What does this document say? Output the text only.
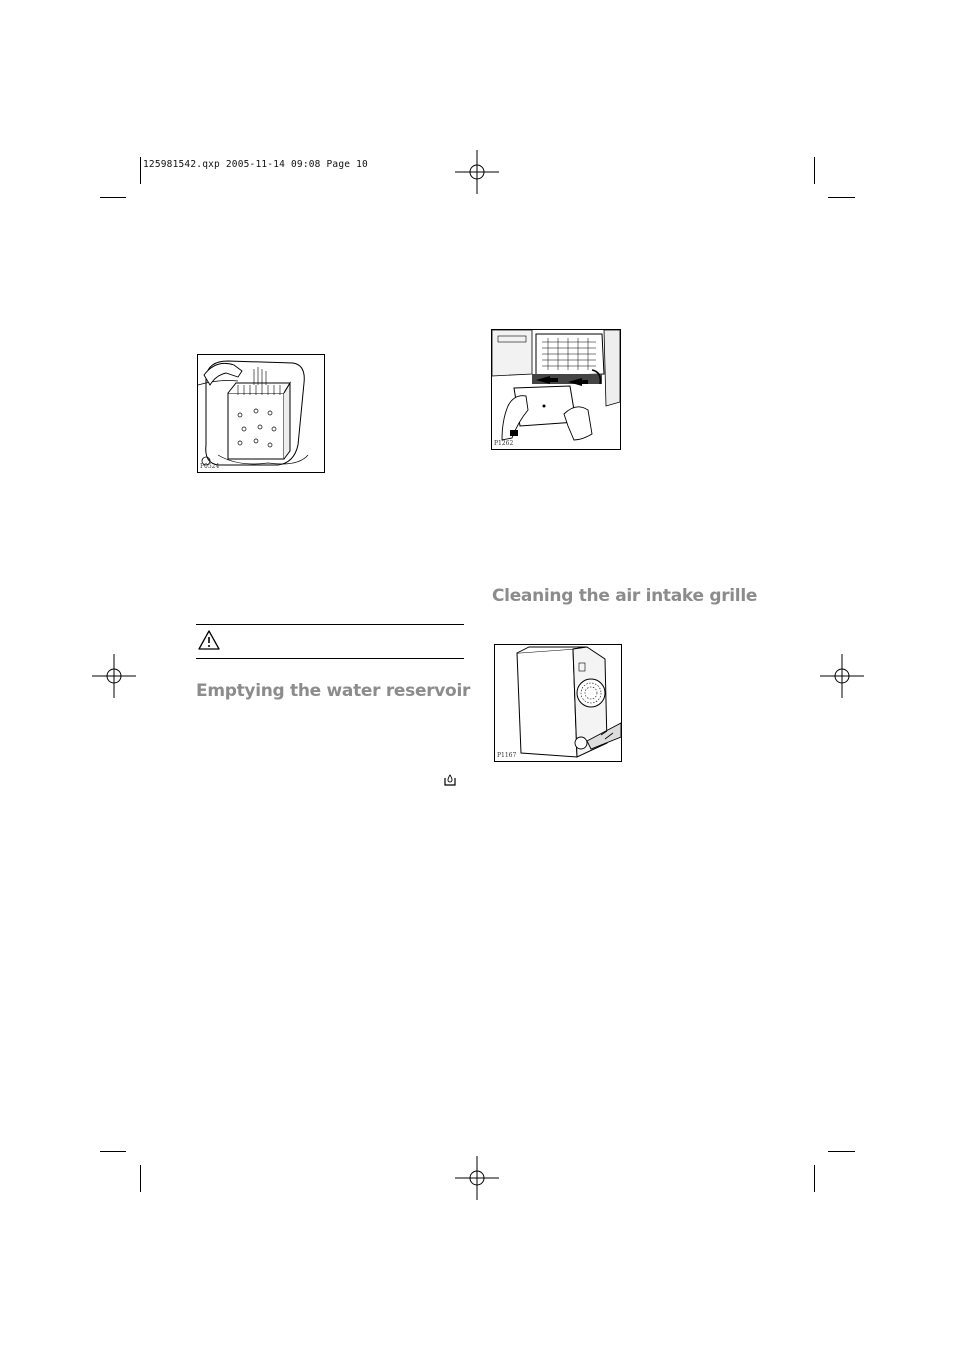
125981542.qxp 2005-11-14 09:08 Page 10
P0524
P1262
Cleaning the air intake grille
Emptying the water reservoir
P1167
